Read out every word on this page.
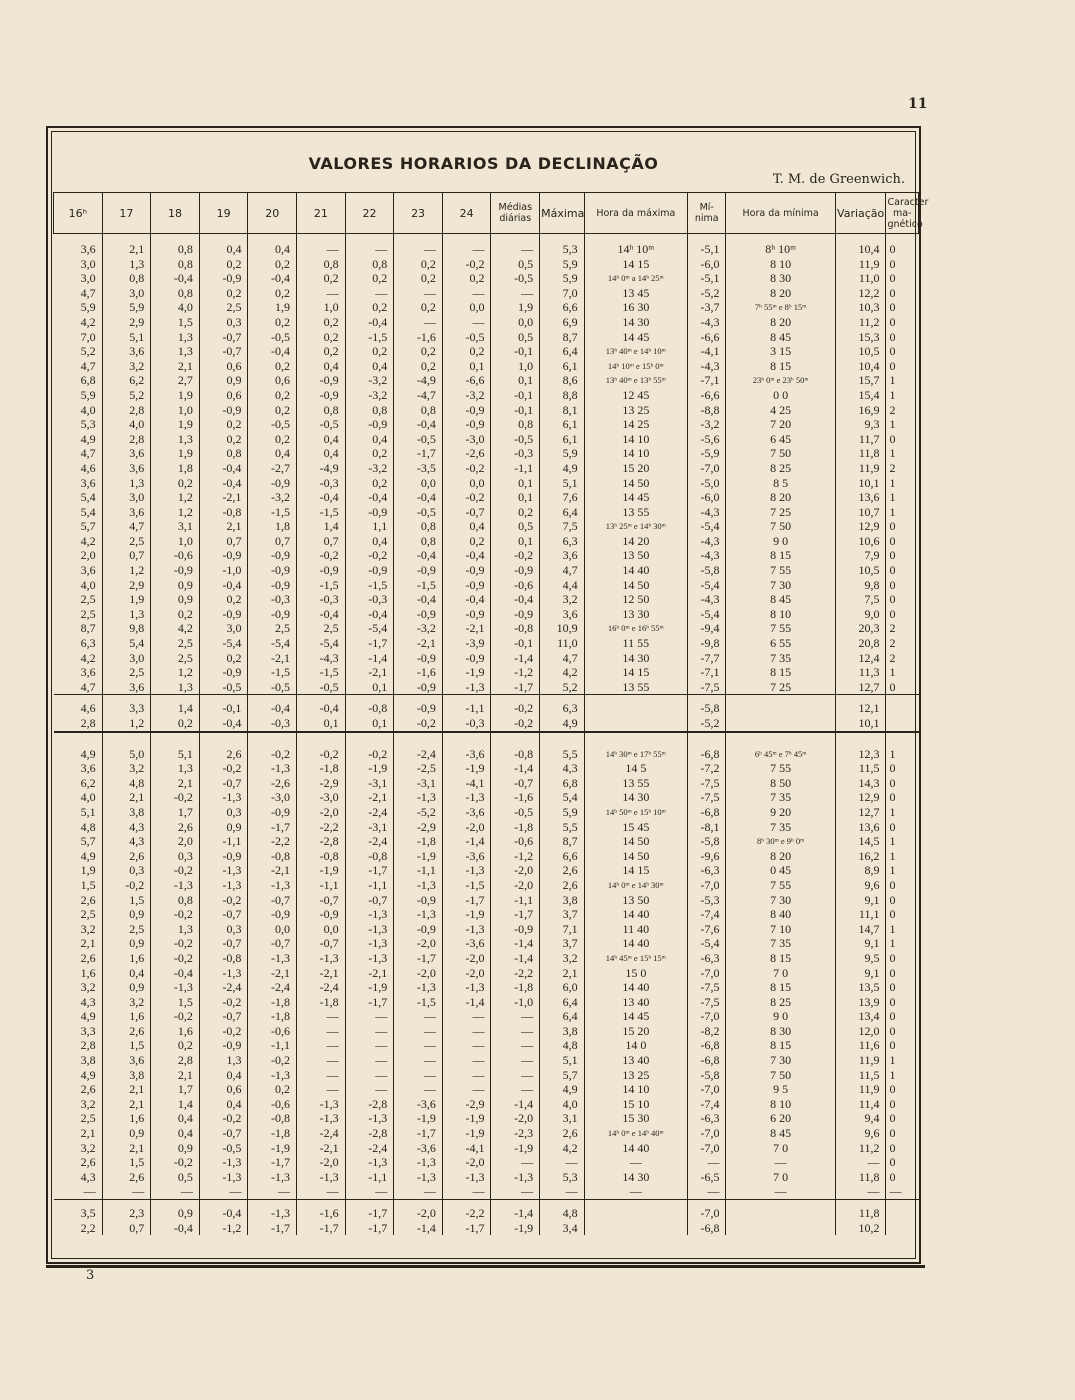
11
VALORES HORARIOS DA DECLINAÇÃO
T. M. de Greenwich.
16ʰ	17	18	19	20	21	22	23	24	Médias diárias	Máxima	Hora da máxima	Mí-nima	Hora da mínima	Variação	Caracter ma-gnético

3,6	2,1	0,8	0,4	0,4	—	—	—	—	—	5,3	14ʰ 10ᵐ	-5,1	8ʰ 10ᵐ	10,4	0
3,0	1,3	0,8	0,2	0,2	0,8	0,8	0,2	-0,2	0,5	5,9	14 15	-6,0	8 10	11,9	0
3,0	0,8	-0,4	-0,9	-0,4	0,2	0,2	0,2	0,2	-0,5	5,9	14ʰ 0ᵐ a 14ʰ 25ᵐ	-5,1	8 30	11,0	0
4,7	3,0	0,8	0,2	0,2	—	—	—	—	—	7,0	13 45	-5,2	8 20	12,2	0
5,9	5,9	4,0	2,5	1,9	1,0	0,2	0,2	0,0	1,9	6,6	16 30	-3,7	7ʰ 55ᵐ e 8ʰ 15ᵐ	10,3	0
4,2	2,9	1,5	0,3	0,2	0,2	-0,4	—	—	0,0	6,9	14 30	-4,3	8 20	11,2	0
7,0	5,1	1,3	-0,7	-0,5	0,2	-1,5	-1,6	-0,5	0,5	8,7	14 45	-6,6	8 45	15,3	0
5,2	3,6	1,3	-0,7	-0,4	0,2	0,2	0,2	0,2	-0,1	6,4	13ʰ 40ᵐ e 14ʰ 10ᵐ	-4,1	3 15	10,5	0
4,7	3,2	2,1	0,6	0,2	0,4	0,4	0,2	0,1	1,0	6,1	14ʰ 10ᵐ e 15ʰ 0ᵐ	-4,3	8 15	10,4	0
6,8	6,2	2,7	0,9	0,6	-0,9	-3,2	-4,9	-6,6	0,1	8,6	13ʰ 40ᵐ e 13ʰ 55ᵐ	-7,1	23ʰ 0ᵐ e 23ʰ 50ᵐ	15,7	1
5,9	5,2	1,9	0,6	0,2	-0,9	-3,2	-4,7	-3,2	-0,1	8,8	12 45	-6,6	0 0	15,4	1
4,0	2,8	1,0	-0,9	0,2	0,8	0,8	0,8	-0,9	-0,1	8,1	13 25	-8,8	4 25	16,9	2
5,3	4,0	1,9	0,2	-0,5	-0,5	-0,9	-0,4	-0,9	0,8	6,1	14 25	-3,2	7 20	9,3	1
4,9	2,8	1,3	0,2	0,2	0,4	0,4	-0,5	-3,0	-0,5	6,1	14 10	-5,6	6 45	11,7	0
4,7	3,6	1,9	0,8	0,4	0,4	0,2	-1,7	-2,6	-0,3	5,9	14 10	-5,9	7 50	11,8	1
4,6	3,6	1,8	-0,4	-2,7	-4,9	-3,2	-3,5	-0,2	-1,1	4,9	15 20	-7,0	8 25	11,9	2
3,6	1,3	0,2	-0,4	-0,9	-0,3	0,2	0,0	0,0	0,1	5,1	14 50	-5,0	8 5	10,1	1
5,4	3,0	1,2	-2,1	-3,2	-0,4	-0,4	-0,4	-0,2	0,1	7,6	14 45	-6,0	8 20	13,6	1
5,4	3,6	1,2	-0,8	-1,5	-1,5	-0,9	-0,5	-0,7	0,2	6,4	13 55	-4,3	7 25	10,7	1
5,7	4,7	3,1	2,1	1,8	1,4	1,1	0,8	0,4	0,5	7,5	13ʰ 25ᵐ e 14ʰ 30ᵐ	-5,4	7 50	12,9	0
4,2	2,5	1,0	0,7	0,7	0,7	0,4	0,8	0,2	0,1	6,3	14 20	-4,3	9 0	10,6	0
2,0	0,7	-0,6	-0,9	-0,9	-0,2	-0,2	-0,4	-0,4	-0,2	3,6	13 50	-4,3	8 15	7,9	0
3,6	1,2	-0,9	-1,0	-0,9	-0,9	-0,9	-0,9	-0,9	-0,9	4,7	14 40	-5,8	7 55	10,5	0
4,0	2,9	0,9	-0,4	-0,9	-1,5	-1,5	-1,5	-0,9	-0,6	4,4	14 50	-5,4	7 30	9,8	0
2,5	1,9	0,9	0,2	-0,3	-0,3	-0,3	-0,4	-0,4	-0,4	3,2	12 50	-4,3	8 45	7,5	0
2,5	1,3	0,2	-0,9	-0,9	-0,4	-0,4	-0,9	-0,9	-0,9	3,6	13 30	-5,4	8 10	9,0	0
8,7	9,8	4,2	3,0	2,5	2,5	-5,4	-3,2	-2,1	-0,8	10,9	16ʰ 0ᵐ e 16ʰ 55ᵐ	-9,4	7 55	20,3	2
6,3	5,4	2,5	-5,4	-5,4	-5,4	-1,7	-2,1	-3,9	-0,1	11,0	11 55	-9,8	6 55	20,8	2
4,2	3,0	2,5	0,2	-2,1	-4,3	-1,4	-0,9	-0,9	-1,4	4,7	14 30	-7,7	7 35	12,4	2
3,6	2,5	1,2	-0,9	-1,5	-1,5	-2,1	-1,6	-1,9	-1,2	4,2	14 15	-7,1	8 15	11,3	1
4,7	3,6	1,3	-0,5	-0,5	-0,5	0,1	-0,9	-1,3	-1,7	5,2	13 55	-7,5	7 25	12,7	0

4,6	3,3	1,4	-0,1	-0,4	-0,4	-0,8	-0,9	-1,1	-0,2	6,3		-5,8		12,1	
2,8	1,2	0,2	-0,4	-0,3	0,1	0,1	-0,2	-0,3	-0,2	4,9		-5,2		10,1	

4,9	5,0	5,1	2,6	-0,2	-0,2	-0,2	-2,4	-3,6	-0,8	5,5	14ʰ 30ᵐ e 17ʰ 55ᵐ	-6,8	6ʰ 45ᵐ e 7ʰ 45ᵐ	12,3	1
3,6	3,2	1,3	-0,2	-1,3	-1,8	-1,9	-2,5	-1,9	-1,4	4,3	14 5	-7,2	7 55	11,5	0
6,2	4,8	2,1	-0,7	-2,6	-2,9	-3,1	-3,1	-4,1	-0,7	6,8	13 55	-7,5	8 50	14,3	0
4,0	2,1	-0,2	-1,3	-3,0	-3,0	-2,1	-1,3	-1,3	-1,6	5,4	14 30	-7,5	7 35	12,9	0
5,1	3,8	1,7	0,3	-0,9	-2,0	-2,4	-5,2	-3,6	-0,5	5,9	14ʰ 50ᵐ e 15ʰ 10ᵐ	-6,8	9 20	12,7	1
4,8	4,3	2,6	0,9	-1,7	-2,2	-3,1	-2,9	-2,0	-1,8	5,5	15 45	-8,1	7 35	13,6	0
5,7	4,3	2,0	-1,1	-2,2	-2,8	-2,4	-1,8	-1,4	-0,6	8,7	14 50	-5,8	8ʰ 30ᵐ e 9ʰ 0ᵐ	14,5	1
4,9	2,6	0,3	-0,9	-0,8	-0,8	-0,8	-1,9	-3,6	-1,2	6,6	14 50	-9,6	8 20	16,2	1
1,9	0,3	-0,2	-1,3	-2,1	-1,9	-1,7	-1,1	-1,3	-2,0	2,6	14 15	-6,3	0 45	8,9	1
1,5	-0,2	-1,3	-1,3	-1,3	-1,1	-1,1	-1,3	-1,5	-2,0	2,6	14ʰ 0ᵐ e 14ʰ 30ᵐ	-7,0	7 55	9,6	0
2,6	1,5	0,8	-0,2	-0,7	-0,7	-0,7	-0,9	-1,7	-1,1	3,8	13 50	-5,3	7 30	9,1	0
2,5	0,9	-0,2	-0,7	-0,9	-0,9	-1,3	-1,3	-1,9	-1,7	3,7	14 40	-7,4	8 40	11,1	0
3,2	2,5	1,3	0,3	0,0	0,0	-1,3	-0,9	-1,3	-0,9	7,1	11 40	-7,6	7 10	14,7	1
2,1	0,9	-0,2	-0,7	-0,7	-0,7	-1,3	-2,0	-3,6	-1,4	3,7	14 40	-5,4	7 35	9,1	1
2,6	1,6	-0,2	-0,8	-1,3	-1,3	-1,3	-1,7	-2,0	-1,4	3,2	14ʰ 45ᵐ e 15ʰ 15ᵐ	-6,3	8 15	9,5	0
1,6	0,4	-0,4	-1,3	-2,1	-2,1	-2,1	-2,0	-2,0	-2,2	2,1	15 0	-7,0	7 0	9,1	0
3,2	0,9	-1,3	-2,4	-2,4	-2,4	-1,9	-1,3	-1,3	-1,8	6,0	14 40	-7,5	8 15	13,5	0
4,3	3,2	1,5	-0,2	-1,8	-1,8	-1,7	-1,5	-1,4	-1,0	6,4	13 40	-7,5	8 25	13,9	0
4,9	1,6	-0,2	-0,7	-1,8	—	—	—	—	—	6,4	14 45	-7,0	9 0	13,4	0
3,3	2,6	1,6	-0,2	-0,6	—	—	—	—	—	3,8	15 20	-8,2	8 30	12,0	0
2,8	1,5	0,2	-0,9	-1,1	—	—	—	—	—	4,8	14 0	-6,8	8 15	11,6	0
3,8	3,6	2,8	1,3	-0,2	—	—	—	—	—	5,1	13 40	-6,8	7 30	11,9	1
4,9	3,8	2,1	0,4	-1,3	—	—	—	—	—	5,7	13 25	-5,8	7 50	11,5	1
2,6	2,1	1,7	0,6	0,2	—	—	—	—	—	4,9	14 10	-7,0	9 5	11,9	0
3,2	2,1	1,4	0,4	-0,6	-1,3	-2,8	-3,6	-2,9	-1,4	4,0	15 10	-7,4	8 10	11,4	0
2,5	1,6	0,4	-0,2	-0,8	-1,3	-1,3	-1,9	-1,9	-2,0	3,1	15 30	-6,3	6 20	9,4	0
2,1	0,9	0,4	-0,7	-1,8	-2,4	-2,8	-1,7	-1,9	-2,3	2,6	14ʰ 0ᵐ e 14ʰ 40ᵐ	-7,0	8 45	9,6	0
3,2	2,1	0,9	-0,5	-1,9	-2,1	-2,4	-3,6	-4,1	-1,9	4,2	14 40	-7,0	7 0	11,2	0
2,6	1,5	-0,2	-1,3	-1,7	-2,0	-1,3	-1,3	-2,0	—	—	—	—	—	—	0
4,3	2,6	0,5	-1,3	-1,3	-1,3	-1,1	-1,3	-1,3	-1,3	5,3	14 30	-6,5	7 0	11,8	0
—	—	—	—	—	—	—	—	—	—	—	—	—	—	—	—

3,5	2,3	0,9	-0,4	-1,3	-1,6	-1,7	-2,0	-2,2	-1,4	4,8		-7,0		11,8	
2,2	0,7	-0,4	-1,2	-1,7	-1,7	-1,7	-1,4	-1,7	-1,9	3,4		-6,8		10,2	
3
